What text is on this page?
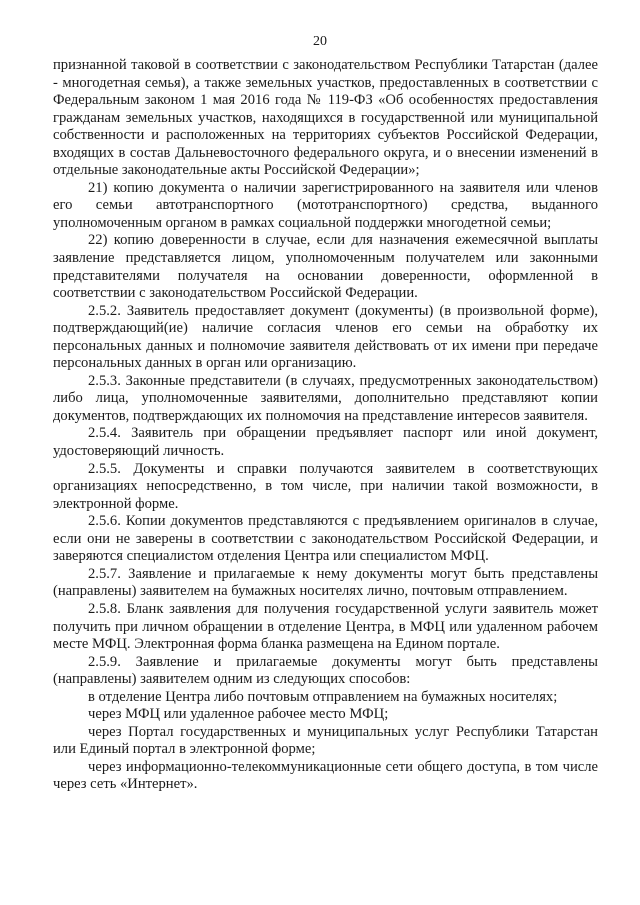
20

признанной таковой в соответствии с законодательством Республики Татарстан (далее - многодетная семья), а также земельных участков, предоставленных в соответствии с Федеральным законом 1 мая 2016 года № 119-ФЗ «Об особенностях предоставления гражданам земельных участков, находящихся в государственной или муниципальной собственности и расположенных на территориях субъектов Российской Федерации, входящих в состав Дальневосточного федерального округа, и о внесении изменений в отдельные законодательные акты Российской Федерации»;

21) копию документа о наличии зарегистрированного на заявителя или членов его семьи автотранспортного (мототранспортного) средства, выданного уполномоченным органом в рамках социальной поддержки многодетной семьи;

22) копию доверенности в случае, если для назначения ежемесячной выплаты заявление представляется лицом, уполномоченным получателем или законными представителями получателя на основании доверенности, оформленной в соответствии с законодательством Российской Федерации.

2.5.2. Заявитель предоставляет документ (документы) (в произвольной форме), подтверждающий(ие) наличие согласия членов его семьи на обработку их персональных данных и полномочие заявителя действовать от их имени при передаче персональных данных в орган или организацию.

2.5.3. Законные представители (в случаях, предусмотренных законодательством) либо лица, уполномоченные заявителями, дополнительно представляют копии документов, подтверждающих их полномочия на представление интересов заявителя.

2.5.4. Заявитель при обращении предъявляет паспорт или иной документ, удостоверяющий личность.

2.5.5. Документы и справки получаются заявителем в соответствующих организациях непосредственно, в том числе, при наличии такой возможности, в электронной форме.

2.5.6. Копии документов представляются с предъявлением оригиналов в случае, если они не заверены в соответствии с законодательством Российской Федерации, и заверяются специалистом отделения Центра или специалистом МФЦ.

2.5.7. Заявление и прилагаемые к нему документы могут быть представлены (направлены) заявителем на бумажных носителях лично, почтовым отправлением.

2.5.8. Бланк заявления для получения государственной услуги заявитель может получить при личном обращении в отделение Центра, в МФЦ или удаленном рабочем месте МФЦ. Электронная форма бланка размещена на Едином портале.

2.5.9. Заявление и прилагаемые документы могут быть представлены (направлены) заявителем одним из следующих способов:

в отделение Центра либо почтовым отправлением на бумажных носителях;

через МФЦ или удаленное рабочее место МФЦ;

через Портал государственных и муниципальных услуг Республики Татарстан или Единый портал в электронной форме;

через информационно-телекоммуникационные сети общего доступа, в том числе через сеть «Интернет».
